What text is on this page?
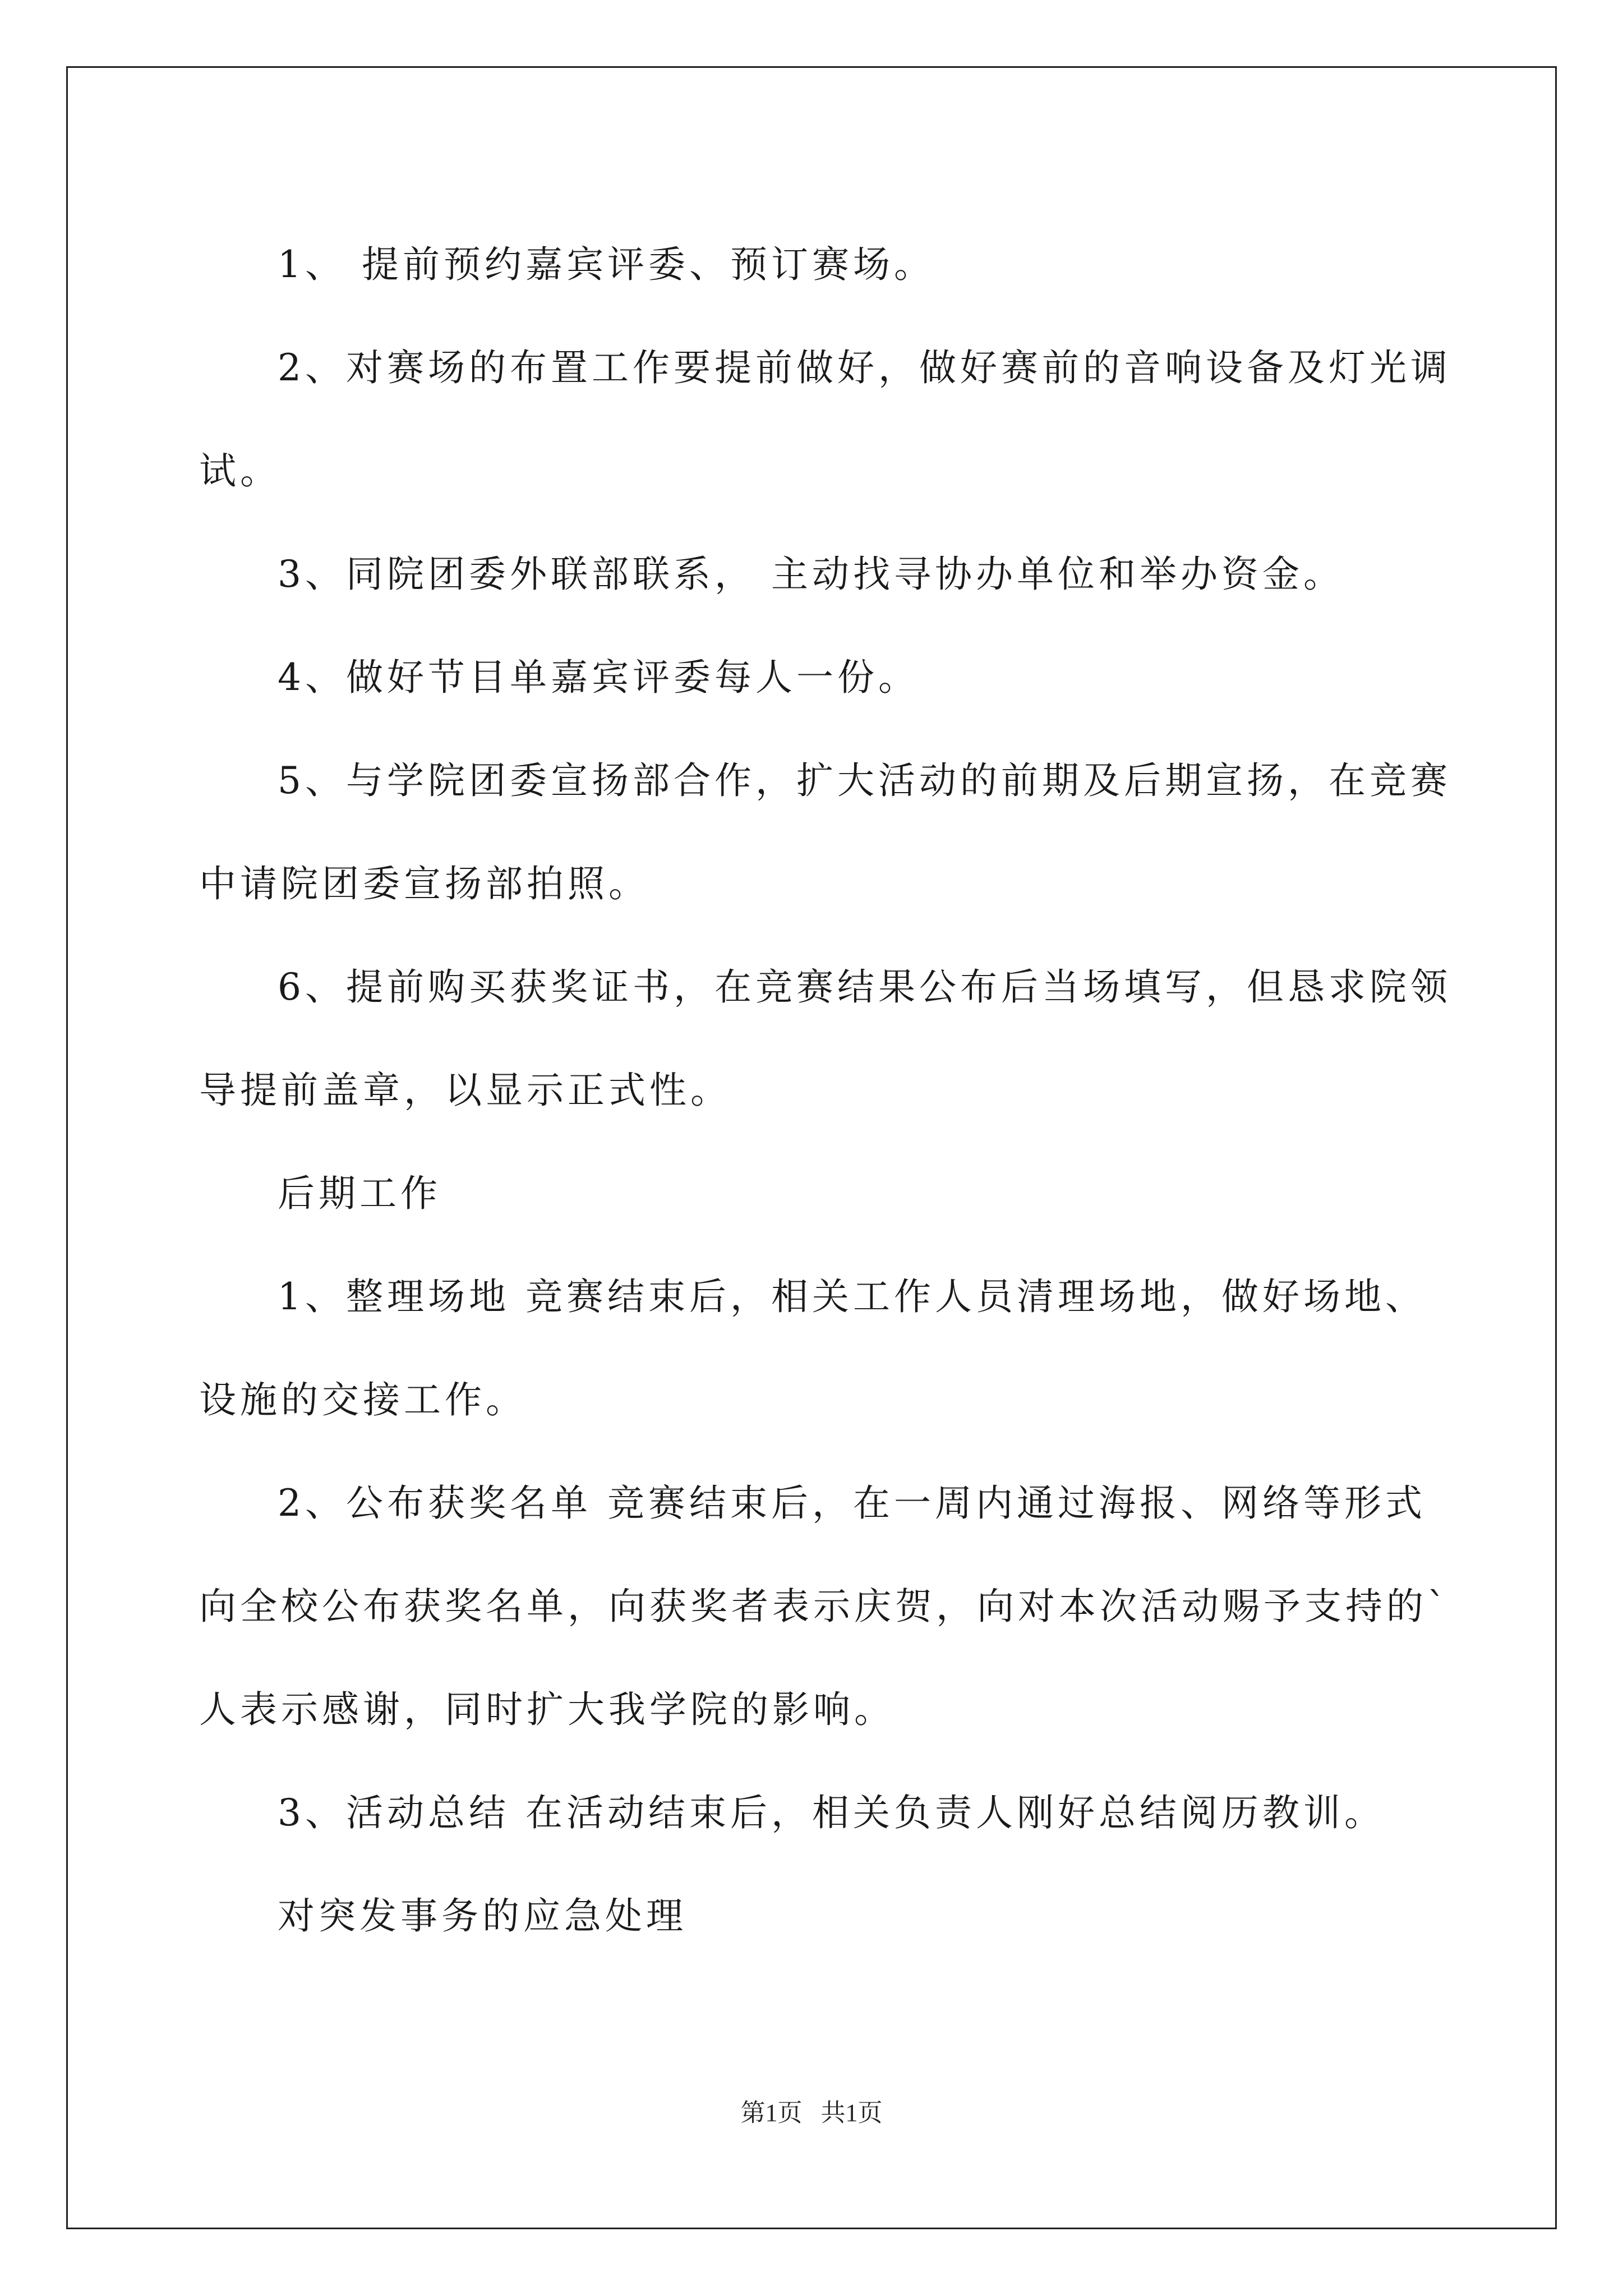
1、 提前预约嘉宾评委、预订赛场。

2、对赛场的布置工作要提前做好，做好赛前的音响设备及灯光调

试。

3、同院团委外联部联系， 主动找寻协办单位和举办资金。

4、做好节目单嘉宾评委每人一份。

5、与学院团委宣扬部合作，扩大活动的前期及后期宣扬，在竞赛

中请院团委宣扬部拍照。

6、提前购买获奖证书，在竞赛结果公布后当场填写，但恳求院领

导提前盖章，以显示正式性。

后期工作

1、整理场地 竞赛结束后，相关工作人员清理场地，做好场地、

设施的交接工作。

2、公布获奖名单 竞赛结束后，在一周内通过海报、网络等形式

向全校公布获奖名单，向获奖者表示庆贺，向对本次活动赐予支持的`

人表示感谢，同时扩大我学院的影响。

3、活动总结 在活动结束后，相关负责人刚好总结阅历教训。

对突发事务的应急处理

第1页   共1页
